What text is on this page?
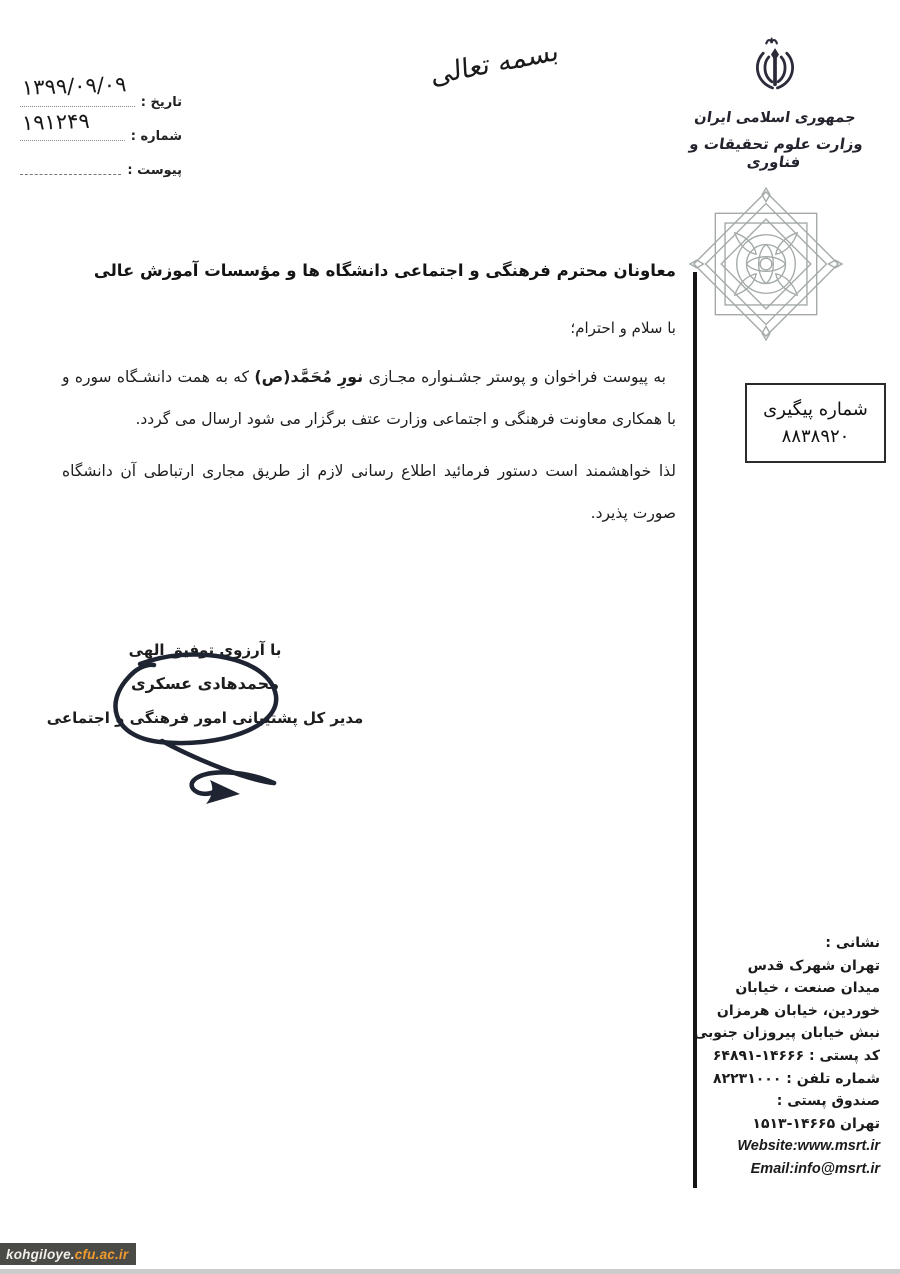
بسمه تعالی
۱۳۹۹/۰۹/۰۹
تاریخ :
۱۹۱۲۴۹
شماره :
پیوست :
جمهوری اسلامی ایران
وزارت علوم تحقیقات و فناوری
شماره پیگیری
۸۸۳۸۹۲۰
معاونان محترم فرهنگی و اجتماعی دانشگاه ها و مؤسسات آموزش عالی
با سلام و احترام؛

به پیوست فراخوان و پوستر جشـنواره مجـازی نورِ مُحَمَّد(ص) که به همت دانشـگاه سوره و با همکاری معاونت فرهنگی و اجتماعی وزارت عتف برگزار می شود ارسال می گردد.

لذا خواهشمند است دستور فرمائید اطلاع رسانی لازم از طریق مجاری ارتباطی آن دانشگاه صورت پذیرد.

با آرزوی توفیق الهی
محمدهادی عسکری
مدیر کل پشتیبانی امور فرهنگی و اجتماعی
نشانی :
تهران شهرک قدس
میدان صنعت ، خیابان
خوردین، خیابان هرمزان
نبش خیابان پیروزان جنوبی
کد پستی : ۱۴۶۶۶-۶۴۸۹۱
شماره تلفن : ۸۲۲۳۱۰۰۰
صندوق پستی :
تهران ۱۴۶۶۵-۱۵۱۳
Website:www.msrt.ir
Email:info@msrt.ir
kohgiloye. cfu.ac.ir
